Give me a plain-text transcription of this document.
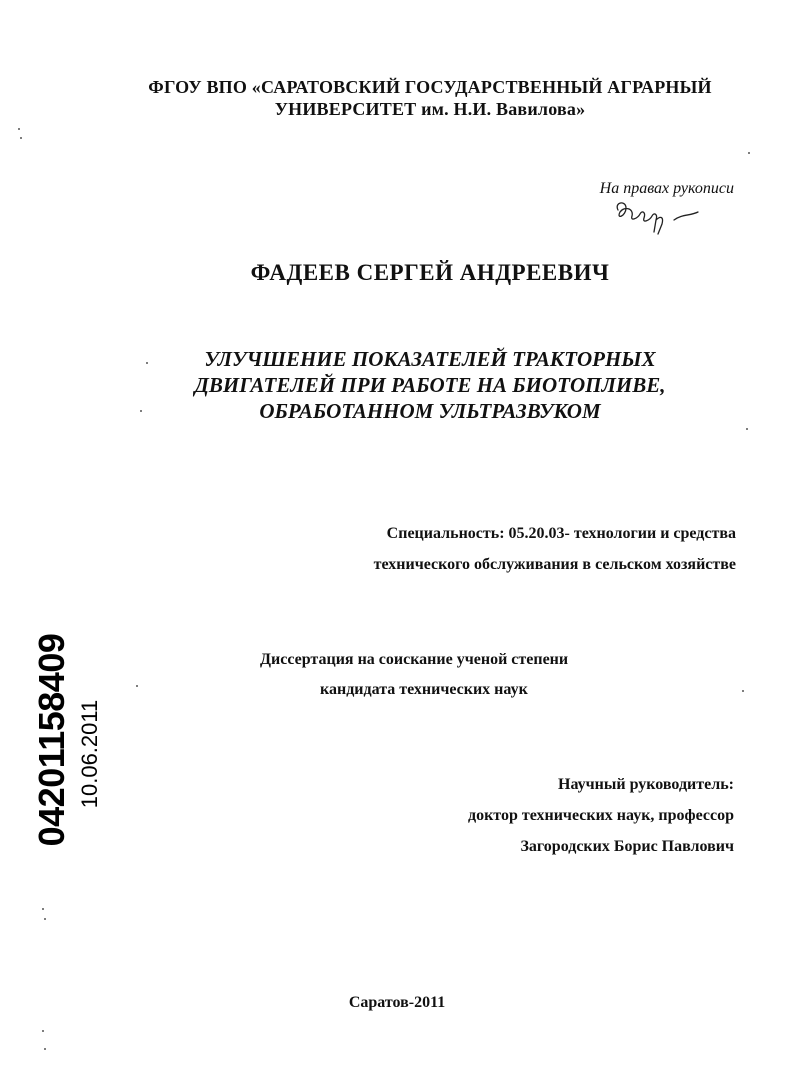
ФГОУ ВПО «САРАТОВСКИЙ ГОСУДАРСТВЕННЫЙ АГРАРНЫЙ
УНИВЕРСИТЕТ им. Н.И. Вавилова»
На правах рукописи
ФАДЕЕВ СЕРГЕЙ АНДРЕЕВИЧ
УЛУЧШЕНИЕ ПОКАЗАТЕЛЕЙ ТРАКТОРНЫХ
ДВИГАТЕЛЕЙ ПРИ РАБОТЕ НА БИОТОПЛИВЕ,
ОБРАБОТАННОМ УЛЬТРАЗВУКОМ
Специальность: 05.20.03- технологии и средства
технического обслуживания в сельском хозяйстве
Диссертация на соискание ученой степени
кандидата технических наук
Научный руководитель:
доктор технических наук, профессор
Загородских Борис Павлович
Саратов-2011
04201158409 10.06.2011
